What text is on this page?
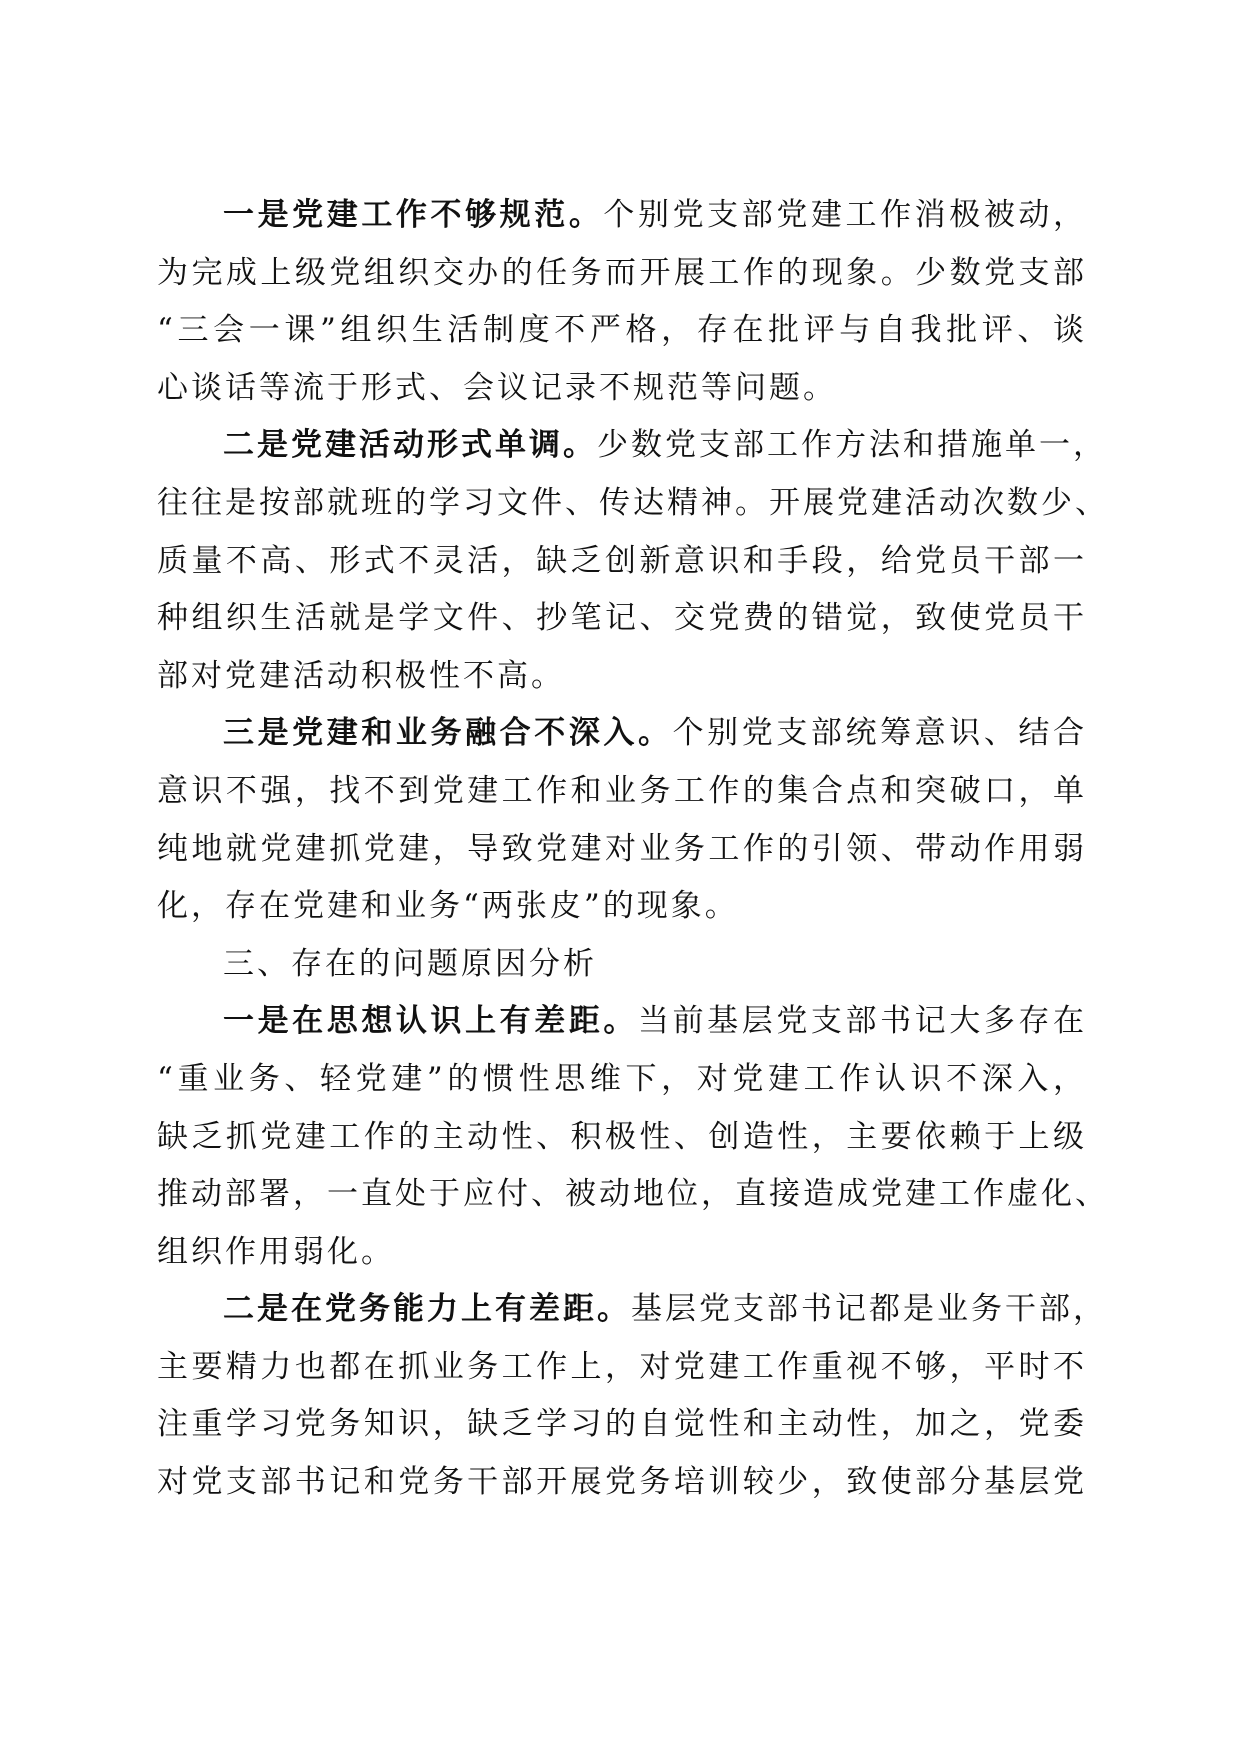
一是党建工作不够规范。个别党支部党建工作消极被动，
为完成上级党组织交办的任务而开展工作的现象。少数党支部
“三会一课”组织生活制度不严格，存在批评与自我批评、谈
心谈话等流于形式、会议记录不规范等问题。
二是党建活动形式单调。少数党支部工作方法和措施单一，
往往是按部就班的学习文件、传达精神。开展党建活动次数少、
质量不高、形式不灵活，缺乏创新意识和手段，给党员干部一
种组织生活就是学文件、抄笔记、交党费的错觉，致使党员干
部对党建活动积极性不高。
三是党建和业务融合不深入。个别党支部统筹意识、结合
意识不强，找不到党建工作和业务工作的集合点和突破口，单
纯地就党建抓党建，导致党建对业务工作的引领、带动作用弱
化，存在党建和业务“两张皮”的现象。
三、存在的问题原因分析
一是在思想认识上有差距。当前基层党支部书记大多存在
“重业务、轻党建”的惯性思维下，对党建工作认识不深入，
缺乏抓党建工作的主动性、积极性、创造性，主要依赖于上级
推动部署，一直处于应付、被动地位，直接造成党建工作虚化、
组织作用弱化。
二是在党务能力上有差距。基层党支部书记都是业务干部，
主要精力也都在抓业务工作上，对党建工作重视不够，平时不
注重学习党务知识，缺乏学习的自觉性和主动性，加之，党委
对党支部书记和党务干部开展党务培训较少，致使部分基层党
